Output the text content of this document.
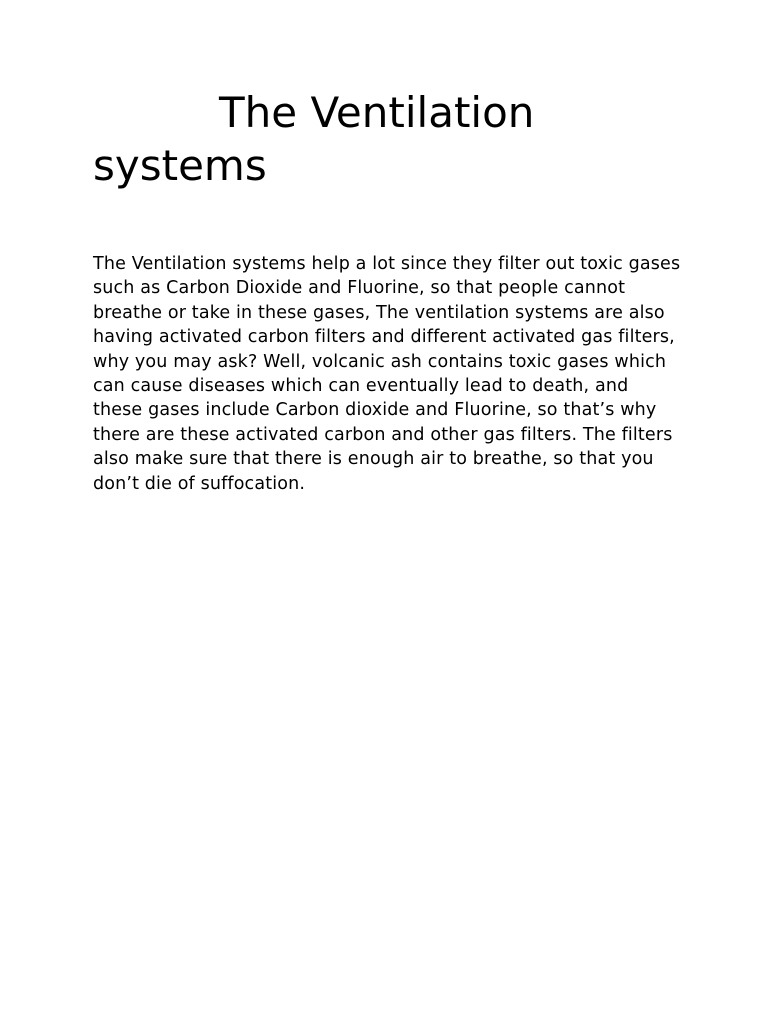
The Ventilation systems

The Ventilation systems help a lot since they filter out toxic gases such as Carbon Dioxide and Fluorine, so that people cannot breathe or take in these gases, The ventilation systems are also having activated carbon filters and different activated gas filters, why you may ask? Well, volcanic ash contains toxic gases which can cause diseases which can eventually lead to death, and these gases include Carbon dioxide and Fluorine, so that’s why there are these activated carbon and other gas filters. The filters also make sure that there is enough air to breathe, so that you don’t die of suffocation.
